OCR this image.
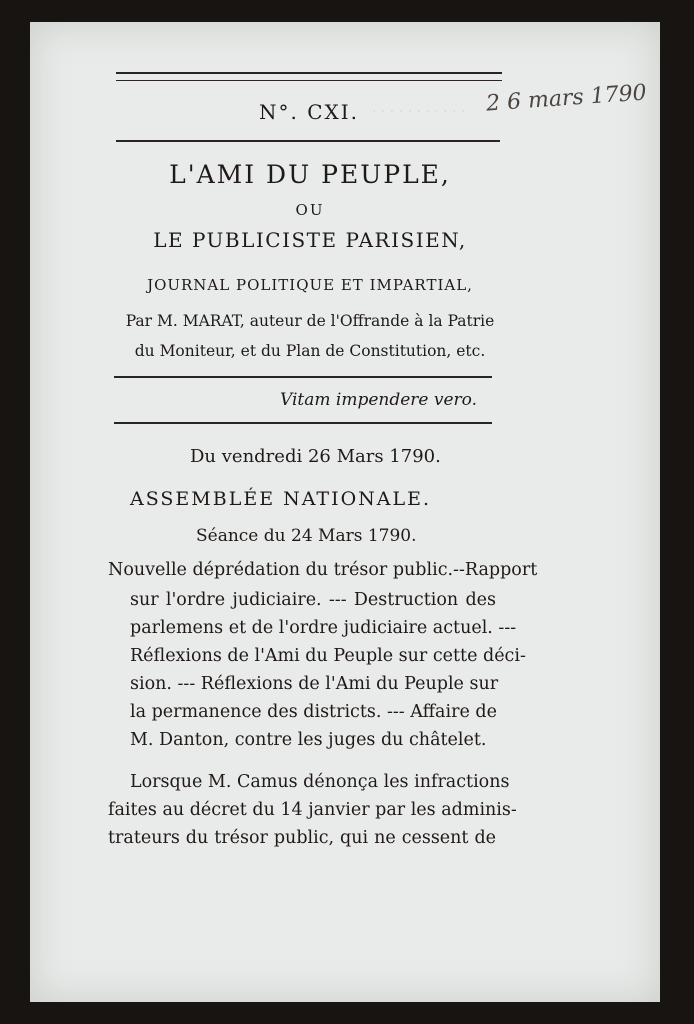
· · · · · · · · · · ·
N°. CXI.	2 6 mars 1790
L'AMI DU PEUPLE,
OU
LE PUBLICISTE PARISIEN,
JOURNAL POLITIQUE ET IMPARTIAL,
Par M. MARAT, auteur de l'Offrande à la Patrie
du Moniteur, et du Plan de Constitution, etc.
Vitam impendere vero.
Du vendredi 26 Mars 1790.
ASSEMBLÉE NATIONALE.
Séance du 24 Mars 1790.
Nouvelle déprédation du trésor public.--Rapport
sur l'ordre judiciaire. --- Destruction des
parlemens et de l'ordre judiciaire actuel. ---
Réflexions de l'Ami du Peuple sur cette déci-
sion. --- Réflexions de l'Ami du Peuple sur
la permanence des districts. --- Affaire de
M. Danton, contre les juges du châtelet.
Lorsque M. Camus dénonça les infractions
faites au décret du 14 janvier par les adminis-
trateurs du trésor public, qui ne cessent de
